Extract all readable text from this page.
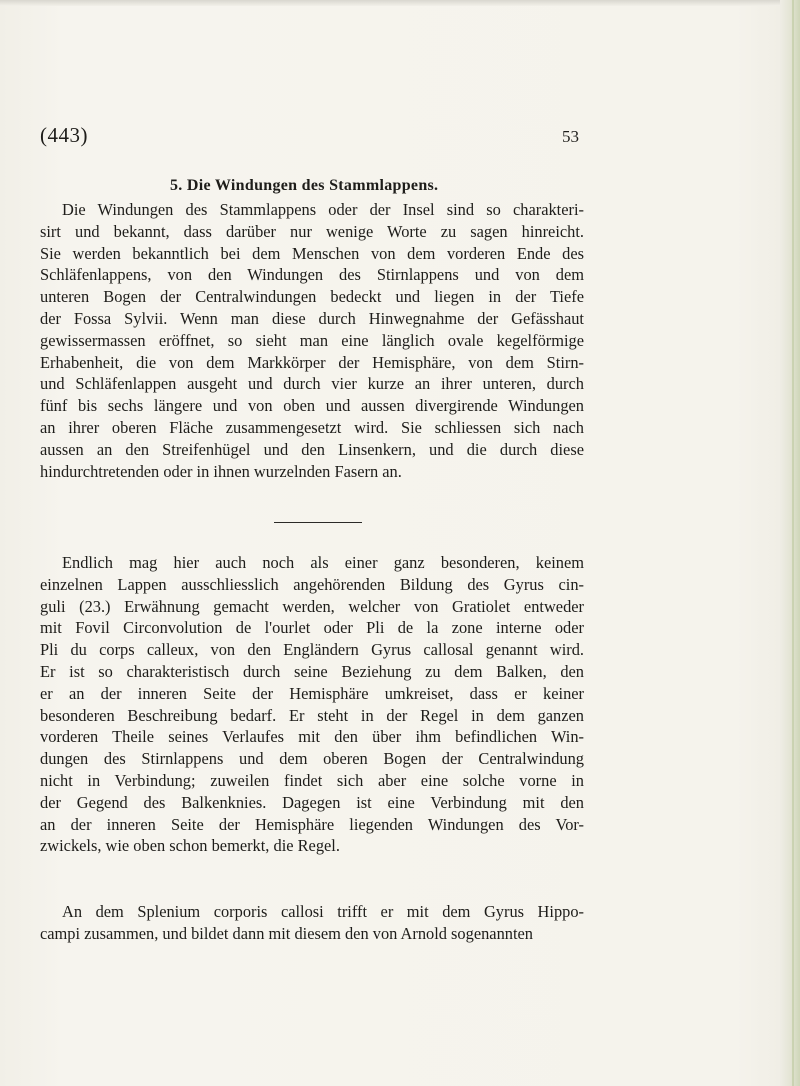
(443)	53
5. Die Windungen des Stammlappens.
Die Windungen des Stammlappens oder der Insel sind so charakteri-
sirt und bekannt, dass darüber nur wenige Worte zu sagen hinreicht.
Sie werden bekanntlich bei dem Menschen von dem vorderen Ende des
Schläfenlappens, von den Windungen des Stirnlappens und von dem
unteren Bogen der Centralwindungen bedeckt und liegen in der Tiefe
der Fossa Sylvii. Wenn man diese durch Hinwegnahme der Gefässhaut
gewissermassen eröffnet, so sieht man eine länglich ovale kegelförmige
Erhabenheit, die von dem Markkörper der Hemisphäre, von dem Stirn-
und Schläfenlappen ausgeht und durch vier kurze an ihrer unteren, durch
fünf bis sechs längere und von oben und aussen divergirende Windungen
an ihrer oberen Fläche zusammengesetzt wird. Sie schliessen sich nach
aussen an den Streifenhügel und den Linsenkern, und die durch diese
hindurchtretenden oder in ihnen wurzelnden Fasern an.
Endlich mag hier auch noch als einer ganz besonderen, keinem
einzelnen Lappen ausschliesslich angehörenden Bildung des Gyrus cin-
guli (23.) Erwähnung gemacht werden, welcher von Gratiolet entweder
mit Fovil Circonvolution de l'ourlet oder Pli de la zone interne oder
Pli du corps calleux, von den Engländern Gyrus callosal genannt wird.
Er ist so charakteristisch durch seine Beziehung zu dem Balken, den
er an der inneren Seite der Hemisphäre umkreiset, dass er keiner
besonderen Beschreibung bedarf. Er steht in der Regel in dem ganzen
vorderen Theile seines Verlaufes mit den über ihm befindlichen Win-
dungen des Stirnlappens und dem oberen Bogen der Centralwindung
nicht in Verbindung; zuweilen findet sich aber eine solche vorne in
der Gegend des Balkenknies. Dagegen ist eine Verbindung mit den
an der inneren Seite der Hemisphäre liegenden Windungen des Vor-
zwickels, wie oben schon bemerkt, die Regel.
An dem Splenium corporis callosi trifft er mit dem Gyrus Hippo-
campi zusammen, und bildet dann mit diesem den von Arnold sogenannten
